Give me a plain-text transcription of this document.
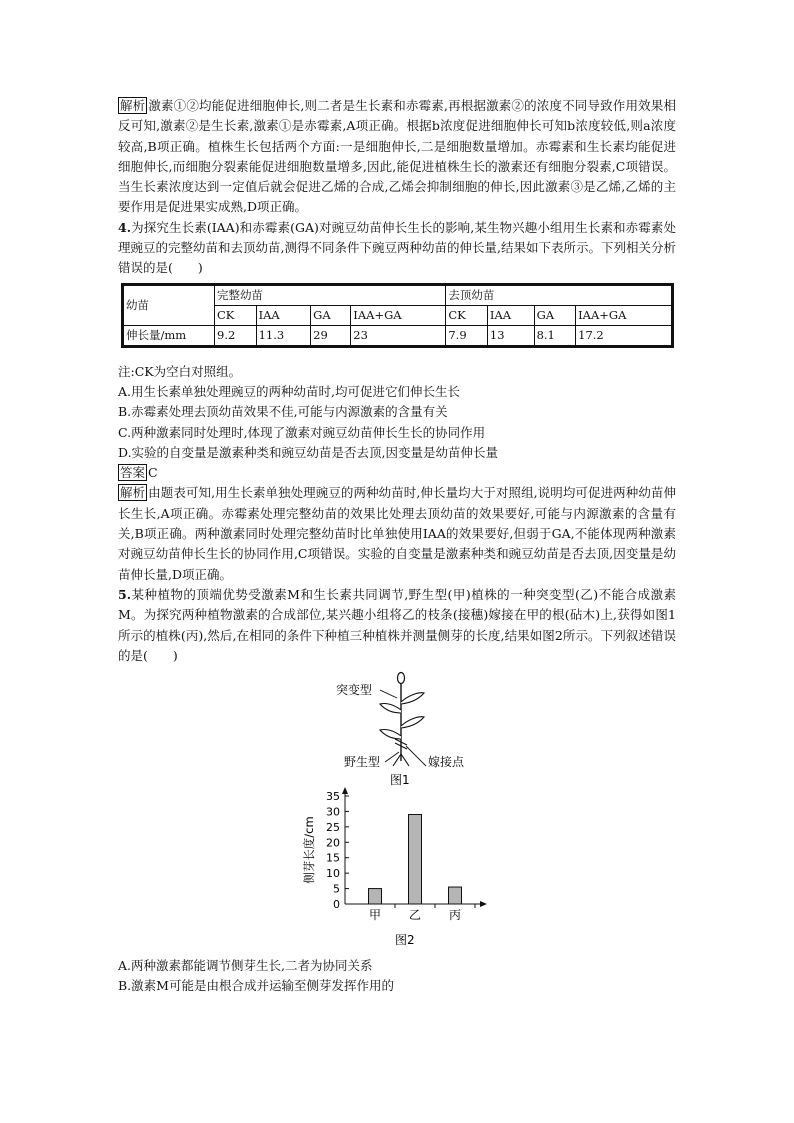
解析 激素①②均能促进细胞伸长,则二者是生长素和赤霉素,再根据激素②的浓度不同导致作用效果相反可知,激素②是生长素,激素①是赤霉素,A项正确。根据b浓度促进细胞伸长可知b浓度较低,则a浓度较高,B项正确。植株生长包括两个方面:一是细胞伸长,二是细胞数量增加。赤霉素和生长素均能促进细胞伸长,而细胞分裂素能促进细胞数量增多,因此,能促进植株生长的激素还有细胞分裂素,C项错误。当生长素浓度达到一定值后就会促进乙烯的合成,乙烯会抑制细胞的伸长,因此激素③是乙烯,乙烯的主要作用是促进果实成熟,D项正确。

4.为探究生长素(IAA)和赤霉素(GA)对豌豆幼苗伸长生长的影响,某生物兴趣小组用生长素和赤霉素处理豌豆的完整幼苗和去顶幼苗,测得不同条件下豌豆两种幼苗的伸长量,结果如下表所示。下列相关分析错误的是(　　)

幼苗	完整幼苗				去顶幼苗			
	CK	IAA	GA	IAA+GA	CK	IAA	GA	IAA+GA
伸长量/mm	9.2	11.3	29	23	7.9	13	8.1	17.2

注:CK为空白对照组。

A.用生长素单独处理豌豆的两种幼苗时,均可促进它们伸长生长

B.赤霉素处理去顶幼苗效果不佳,可能与内源激素的含量有关

C.两种激素同时处理时,体现了激素对豌豆幼苗伸长生长的协同作用

D.实验的自变量是激素种类和豌豆幼苗是否去顶,因变量是幼苗伸长量

答案 C

解析 由题表可知,用生长素单独处理豌豆的两种幼苗时,伸长量均大于对照组,说明均可促进两种幼苗伸长生长,A项正确。赤霉素处理完整幼苗的效果比处理去顶幼苗的效果要好,可能与内源激素的含量有关,B项正确。两种激素同时处理完整幼苗时比单独使用IAA的效果要好,但弱于GA,不能体现两种激素对豌豆幼苗伸长生长的协同作用,C项错误。实验的自变量是激素种类和豌豆幼苗是否去顶,因变量是幼苗伸长量,D项正确。

5.某种植物的顶端优势受激素M和生长素共同调节,野生型(甲)植株的一种突变型(乙)不能合成激素M。为探究两种植物激素的合成部位,某兴趣小组将乙的枝条(接穗)嫁接在甲的根(砧木)上,获得如图1所示的植株(丙),然后,在相同的条件下种植三种植株并测量侧芽的长度,结果如图2所示。下列叙述错误的是(　　)

突变型
野生型	嫁接点
图1
0
5
10
15
20
25
30
35
甲 乙 丙
侧芽长度/cm
图2

A.两种激素都能调节侧芽生长,二者为协同关系

B.激素M可能是由根合成并运输至侧芽发挥作用的
